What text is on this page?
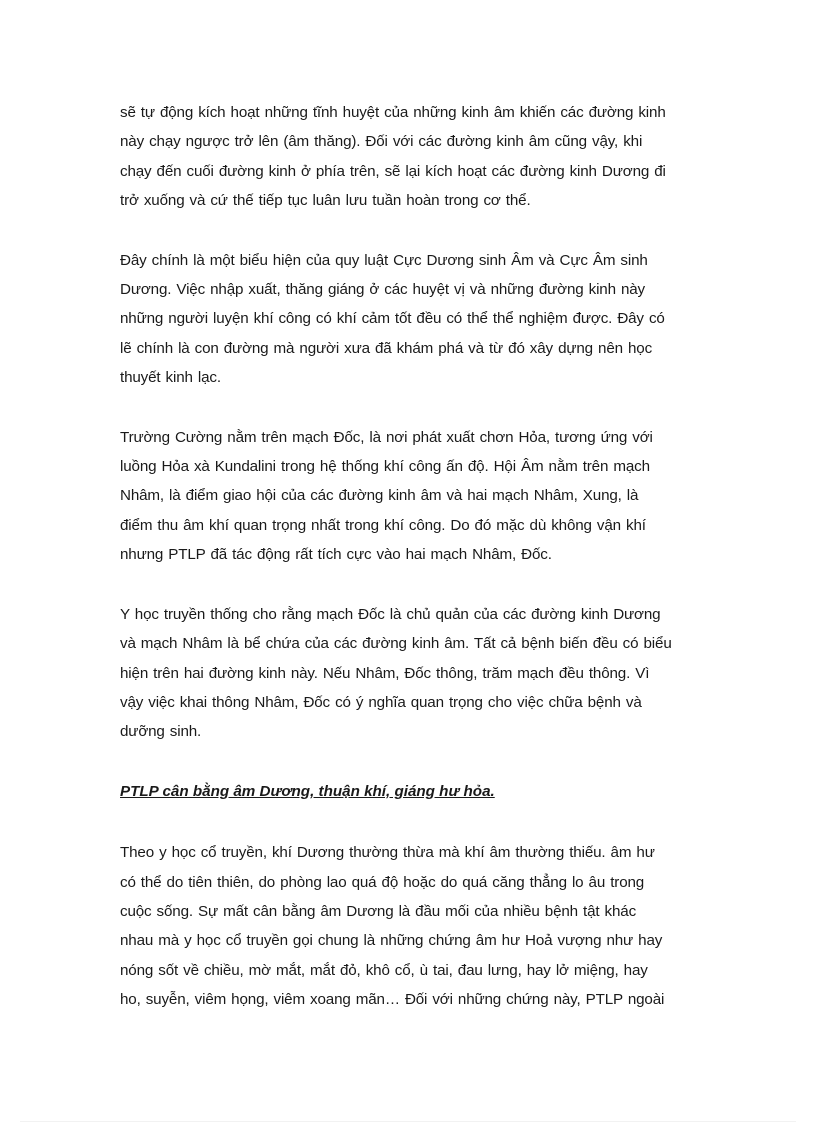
sẽ tự động kích hoạt những tĩnh huyệt của những kinh âm khiến các đường kinh
này chạy ngược trở lên (âm thăng). Đối với các đường kinh âm cũng vậy, khi
chạy đến cuối đường kinh ở phía trên, sẽ lại kích hoạt các đường kinh Dương đi
trở xuống và cứ thế tiếp tục luân lưu tuần hoàn trong cơ thể.
Đây chính là một biểu hiện của quy luật Cực Dương sinh Âm và Cực Âm sinh
Dương. Việc nhập xuất, thăng giáng ở các huyệt vị và những đường kinh này
những người luyện khí công có khí cảm tốt đều có thể thể nghiệm được. Đây có
lẽ chính là con đường mà người xưa đã khám phá và từ đó xây dựng nên học
thuyết kinh lạc.
Trường Cường nằm trên mạch Đốc, là nơi phát xuất chơn Hỏa, tương ứng với
luồng Hỏa xà Kundalini trong hệ thống khí công ấn độ. Hội Âm nằm trên mạch
Nhâm, là điểm giao hội của các đường kinh âm và hai mạch Nhâm, Xung, là
điểm thu âm khí quan trọng nhất trong khí công. Do đó mặc dù không vận khí
nhưng PTLP đã tác động rất tích cực vào hai mạch Nhâm, Đốc.
Y học truyền thống cho rằng mạch Đốc là chủ quản của các đường kinh Dương
và mạch Nhâm là bể chứa của các đường kinh âm. Tất cả bệnh biến đều có biểu
hiện trên hai đường kinh này. Nếu Nhâm, Đốc thông, trăm mạch đều thông. Vì
vậy việc khai thông Nhâm, Đốc có ý nghĩa quan trọng cho việc chữa bệnh và
dưỡng sinh.
PTLP cân bằng âm Dương, thuận khí, giáng hư hỏa.
Theo y học cổ truyền, khí Dương thường thừa mà khí âm thường thiếu. âm hư
có thể do tiên thiên, do phòng lao quá độ hoặc do quá căng thẳng lo âu trong
cuộc sống. Sự mất cân bằng âm Dương là đầu mối của nhiều bệnh tật khác
nhau mà y học cổ truyền gọi chung là những chứng âm hư Hoả vượng như hay
nóng sốt về chiều, mờ mắt, mắt đỏ, khô cổ, ù tai, đau lưng, hay lở miệng, hay
ho, suyễn, viêm họng, viêm xoang mãn… Đối với những chứng này, PTLP ngoài
